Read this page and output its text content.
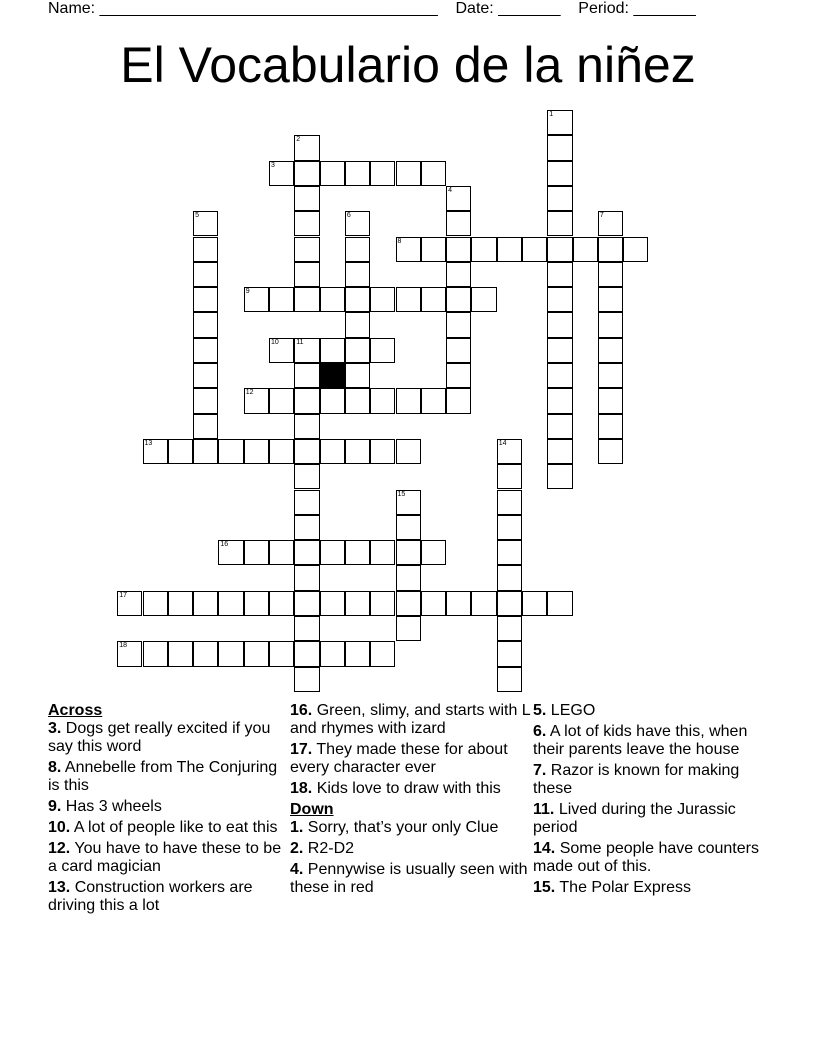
Name: ______________________________________ Date: _______ Period: _______
El Vocabulario de la niñez
1
2
3
4
5	6	7
8
9
10	11
12
13	14
15
16
17
18
Across
3. Dogs get really excited if you say this word
8. Annebelle from The Conjuring is this
9. Has 3 wheels
10. A lot of people like to eat this
12. You have to have these to be a card magician
13. Construction workers are driving this a lot
16. Green, slimy, and starts with L and rhymes with izard
17. They made these for about every character ever
18. Kids love to draw with this
Down
1. Sorry, that’s your only Clue
2. R2-D2
4. Pennywise is usually seen with these in red
5. LEGO
6. A lot of kids have this, when their parents leave the house
7. Razor is known for making these
11. Lived during the Jurassic period
14. Some people have counters made out of this.
15. The Polar Express
